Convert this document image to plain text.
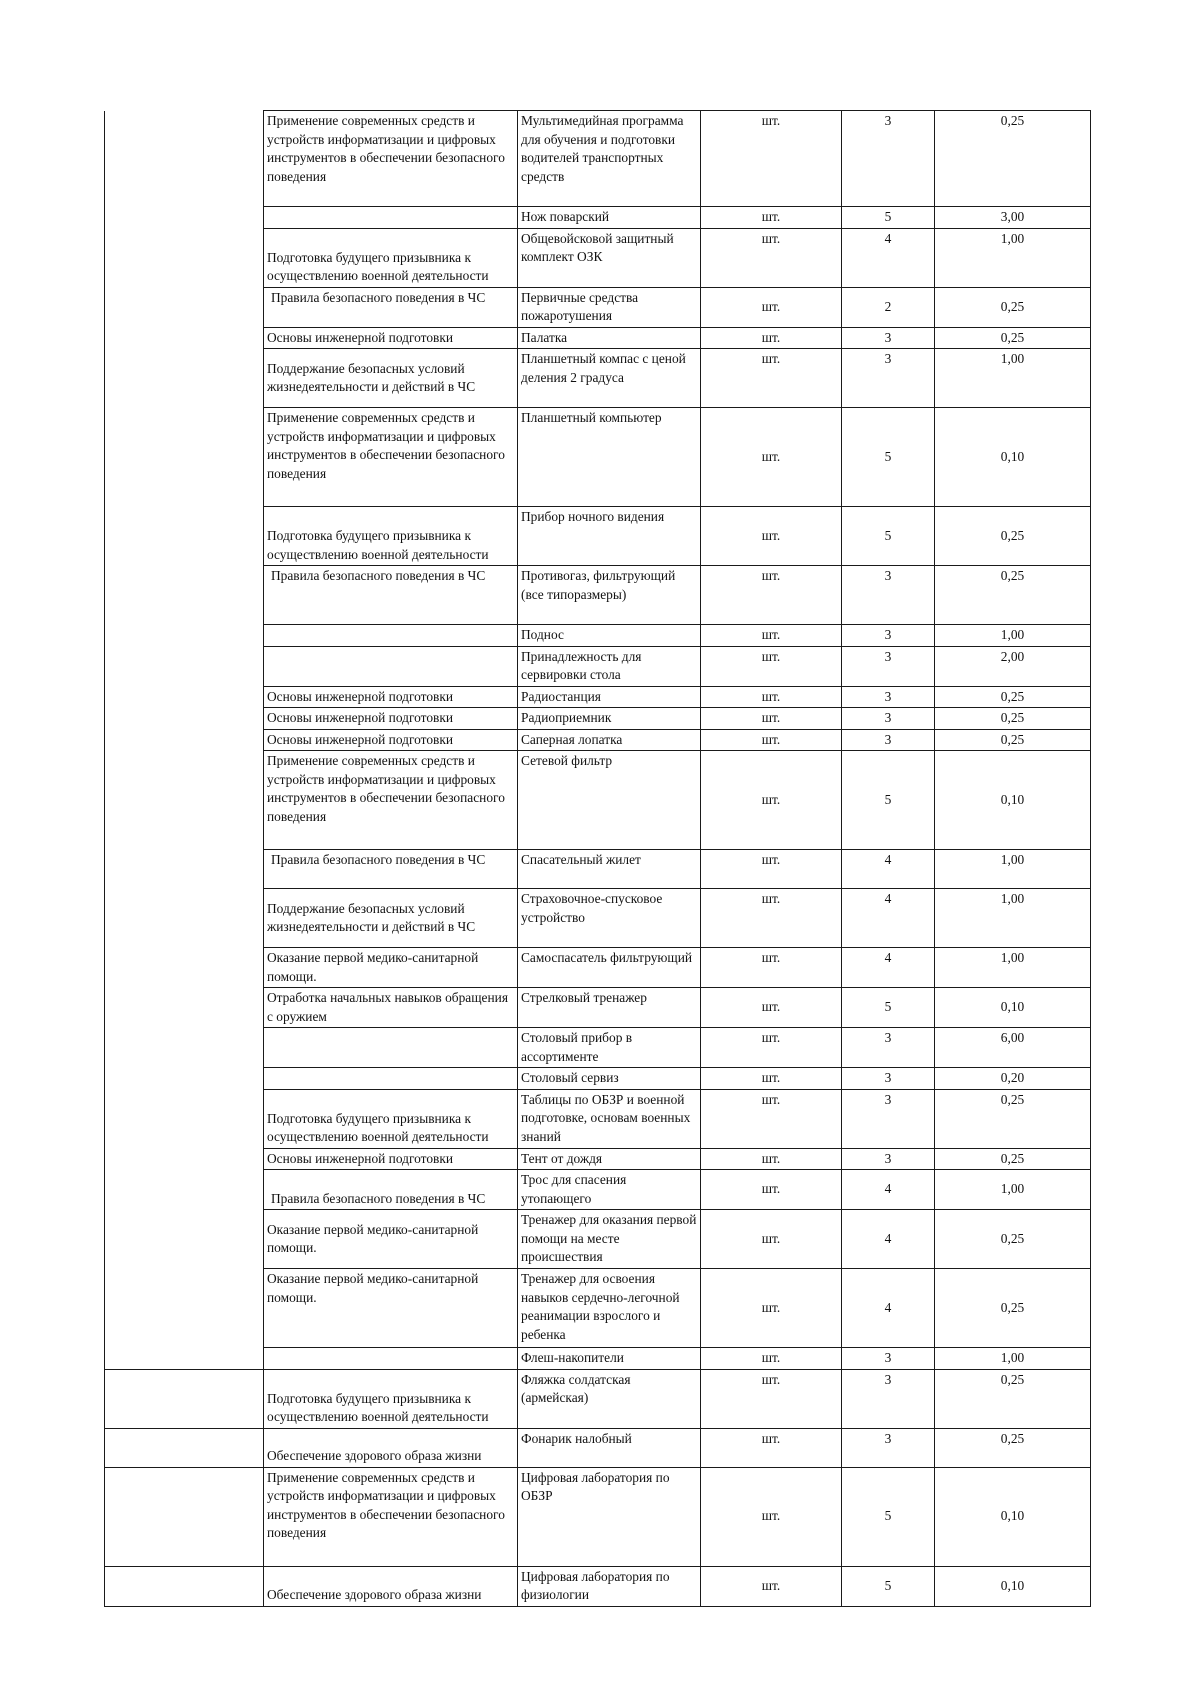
	Применение современных средств и устройств информатизации и цифровых инструментов в обеспечении безопасного поведения	Мультимедийная программа для обучения и подготовки водителей транспортных средств	шт.	3	0,25
		Нож поварский	шт.	5	3,00
	Подготовка будущего призывника к осуществлению военной деятельности	Общевойсковой защитный комплект ОЗК	шт.	4	1,00
	Правила безопасного поведения в ЧС	Первичные средства пожаротушения	шт.	2	0,25
	Основы инженерной подготовки	Палатка	шт.	3	0,25
	Поддержание безопасных условий жизнедеятельности и действий в ЧС	Планшетный компас с ценой деления 2 градуса	шт.	3	1,00
	Применение современных средств и устройств информатизации и цифровых инструментов в обеспечении безопасного поведения	Планшетный компьютер	шт.	5	0,10
	Подготовка будущего призывника к осуществлению военной деятельности	Прибор ночного видения	шт.	5	0,25
	Правила безопасного поведения в ЧС	Противогаз, фильтрующий (все типоразмеры)	шт.	3	0,25
		Поднос	шт.	3	1,00
		Принадлежность для сервировки стола	шт.	3	2,00
	Основы инженерной подготовки	Радиостанция	шт.	3	0,25
	Основы инженерной подготовки	Радиоприемник	шт.	3	0,25
	Основы инженерной подготовки	Саперная лопатка	шт.	3	0,25
	Применение современных средств и устройств информатизации и цифровых инструментов в обеспечении безопасного поведения	Сетевой фильтр	шт.	5	0,10
	Правила безопасного поведения в ЧС	Спасательный жилет	шт.	4	1,00
	Поддержание безопасных условий жизнедеятельности и действий в ЧС	Страховочное-спусковое устройство	шт.	4	1,00
	Оказание первой медико-санитарной помощи.	Самоспасатель фильтрующий	шт.	4	1,00
	Отработка начальных навыков обращения с оружием	Стрелковый тренажер	шт.	5	0,10
		Столовый прибор в ассортименте	шт.	3	6,00
		Столовый сервиз	шт.	3	0,20
	Подготовка будущего призывника к осуществлению военной деятельности	Таблицы по ОБЗР и военной подготовке, основам военных знаний	шт.	3	0,25
	Основы инженерной подготовки	Тент от дождя	шт.	3	0,25
	Правила безопасного поведения в ЧС	Трос для спасения утопающего	шт.	4	1,00
	Оказание первой медико-санитарной помощи.	Тренажер для оказания первой помощи на месте происшествия	шт.	4	0,25
	Оказание первой медико-санитарной помощи.	Тренажер для освоения навыков сердечно-легочной реанимации взрослого и ребенка	шт.	4	0,25
		Флеш-накопители	шт.	3	1,00
	Подготовка будущего призывника к осуществлению военной деятельности	Фляжка солдатская (армейская)	шт.	3	0,25
	Обеспечение здорового образа жизни	Фонарик налобный	шт.	3	0,25
	Применение современных средств и устройств информатизации и цифровых инструментов в обеспечении безопасного поведения	Цифровая лаборатория по ОБЗР	шт.	5	0,10
	Обеспечение здорового образа жизни	Цифровая лаборатория по физиологии	шт.	5	0,10
